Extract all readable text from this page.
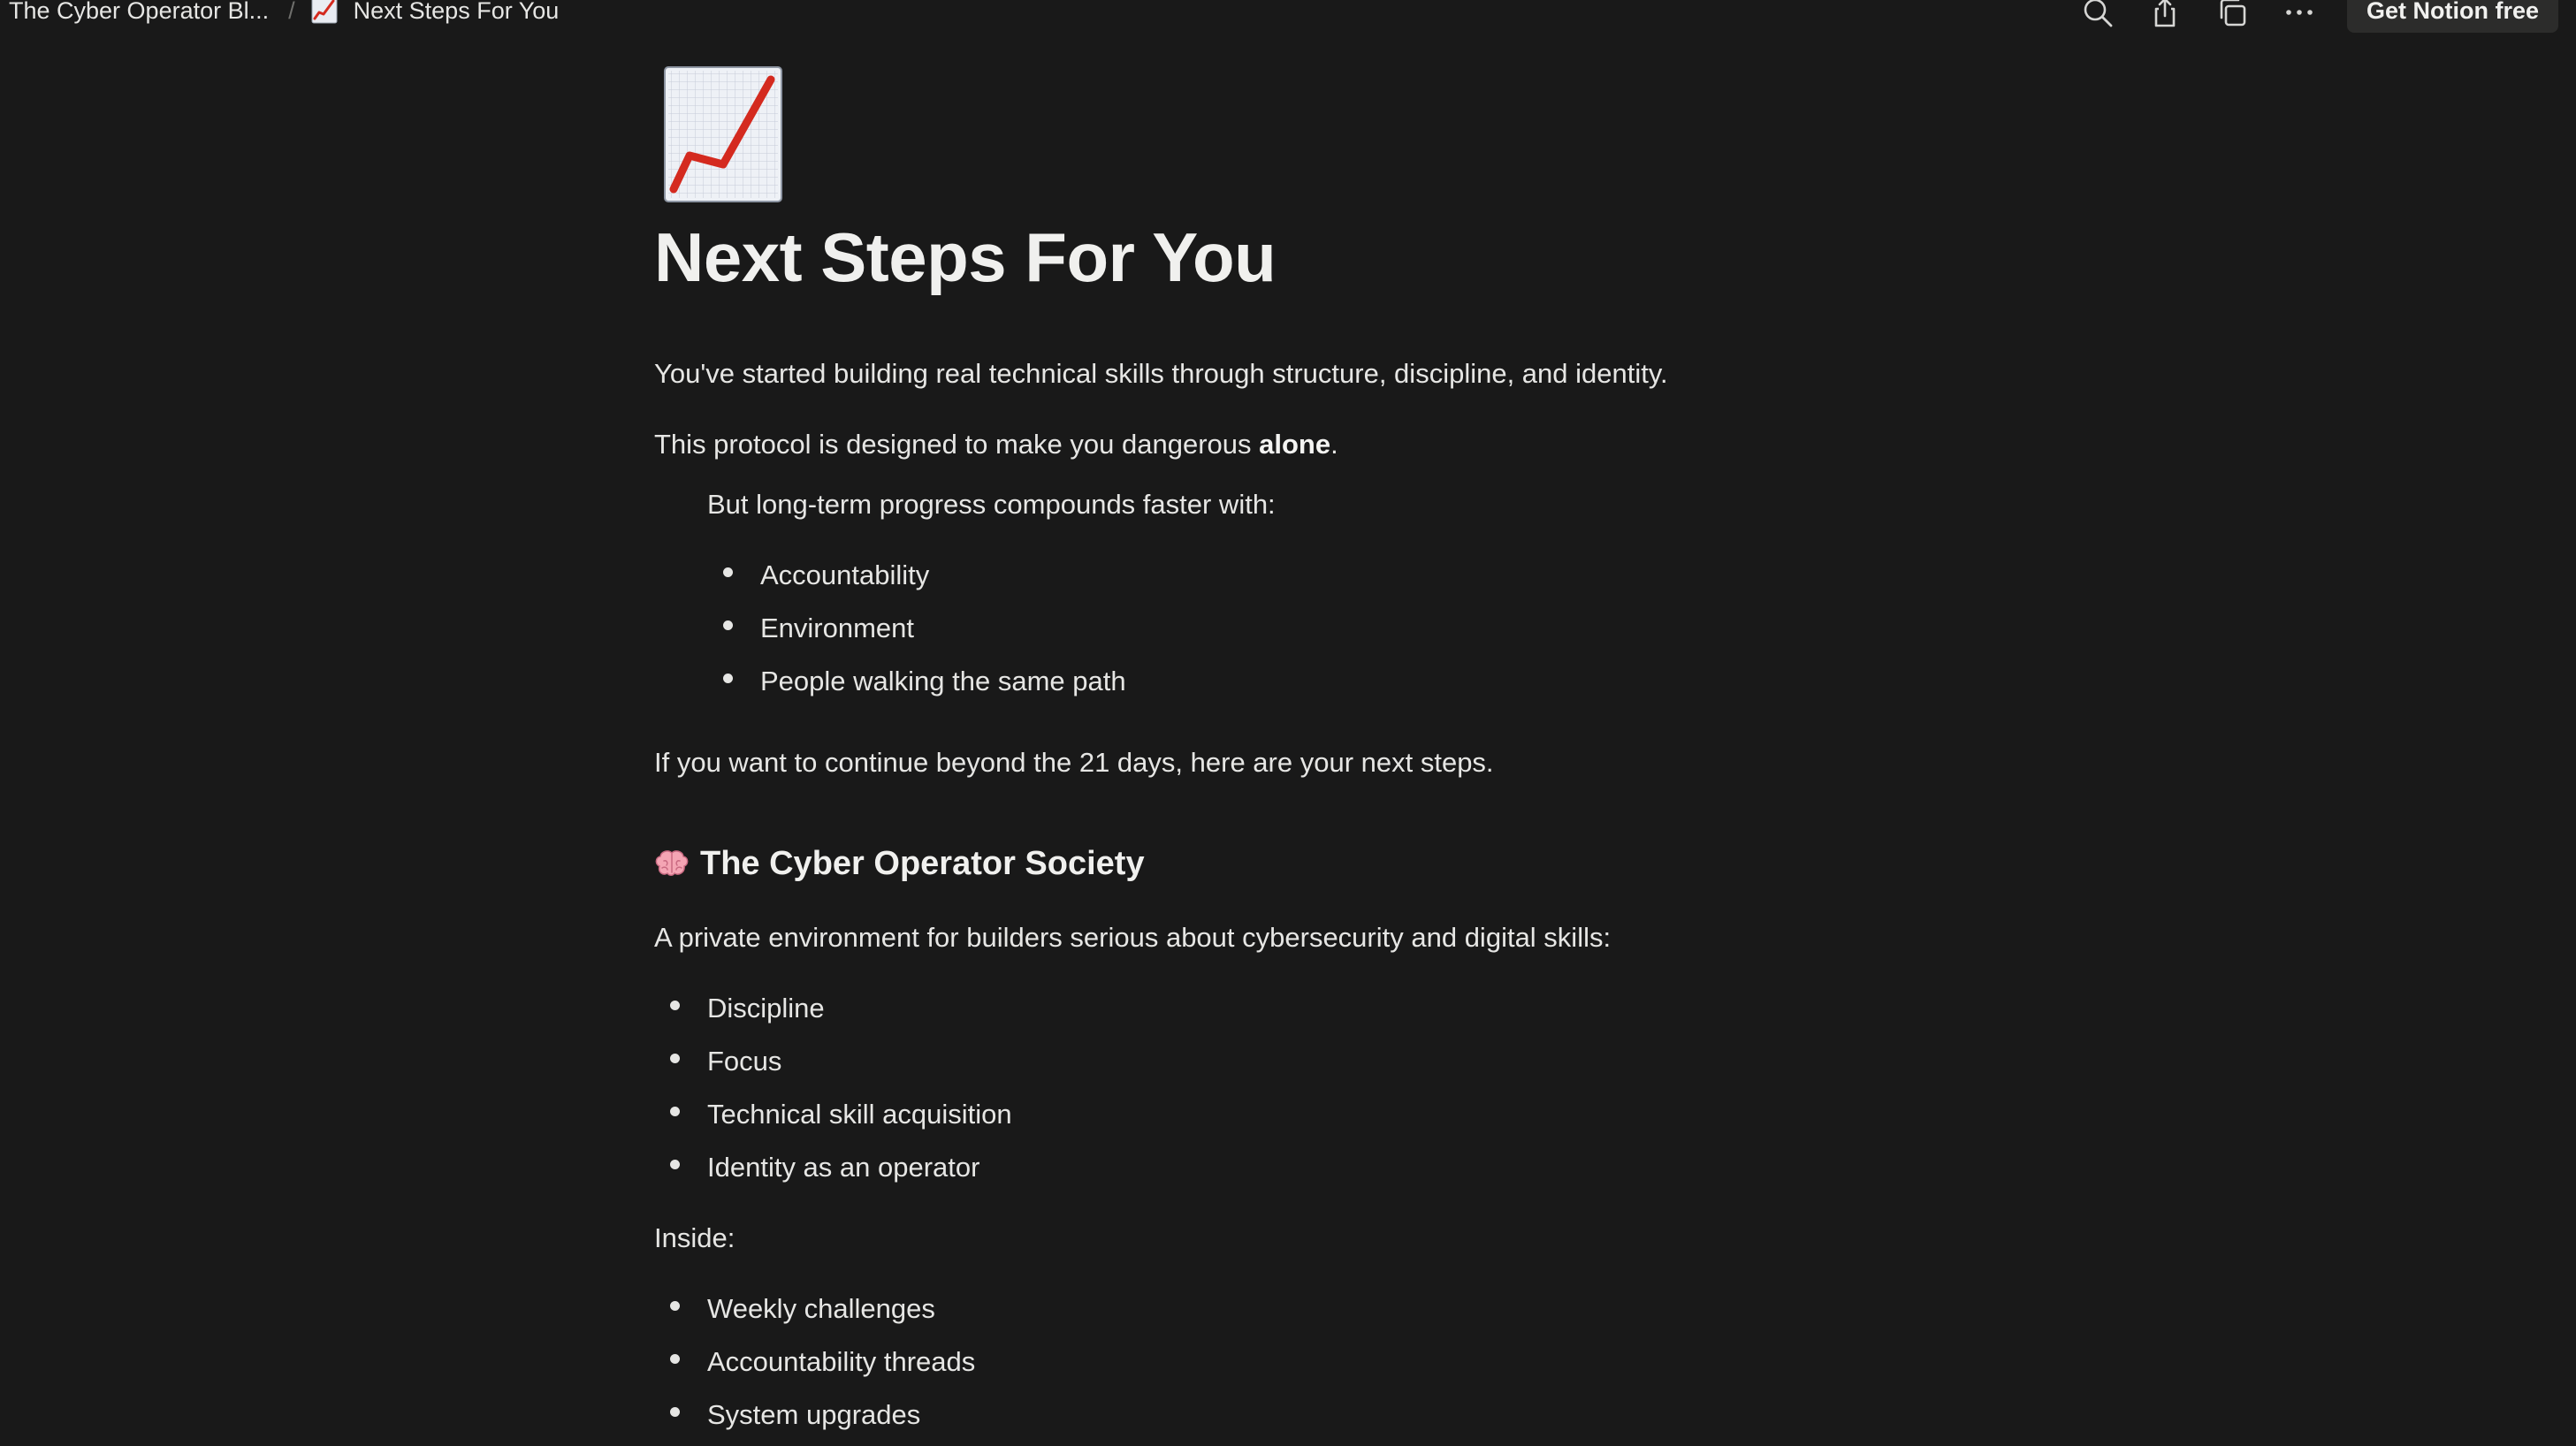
The Cyber Operator Bl... / Next Steps For You	Get Notion free
Next Steps For You
You've started building real technical skills through structure, discipline, and identity.
This protocol is designed to make you dangerous alone.
But long-term progress compounds faster with:
Accountability
Environment
People walking the same path
If you want to continue beyond the 21 days, here are your next steps.
The Cyber Operator Society
A private environment for builders serious about cybersecurity and digital skills:
Discipline
Focus
Technical skill acquisition
Identity as an operator
Inside:
Weekly challenges
Accountability threads
System upgrades
